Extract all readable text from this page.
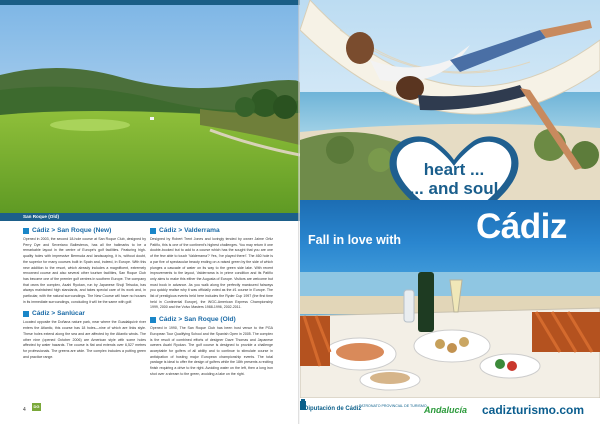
San Roque (Old)
Cádiz > San Roque (New)

Opened in 2003, the second 18-hole course at San Roque Club, designed by Perry Dye and Severiano Ballesteros, has all the hallmarks to be a remarkable layout in the centre of Europe's golf facilities. Featuring high-quality holes with impressive Bermuda and landscaping, it is, without doubt, the superior for many courses built in Spain and, indeed, in Europe. With this new addition to the resort, which already includes a magnificent, extremely renowned course and also several other tourism facilities, San Roque Club has become one of the premier golf centres in southern Europe. The company that owns the complex, Asahi Ryokan, run by Japanese Shoji Tetsuka, has always maintained high standards, and takes special care of its work and, in particular, with the natural surroundings. The New Course will have no houses in its immediate surroundings, concluding it will be the same with golf.

Cádiz > Sanlúcar

Located opposite the Doñana nature park, near where the Guadalquivir river enters the Atlantic, this course has 18 holes—nine of which are links style. These holes extend along the sea and are affected by the Atlantic winds. The other nine (opened October 2006) are American style with some holes affected by water hazards. The course is flat and extends over 6,527 metres for professionals. The greens are wide. The complex includes a putting green and practice range.

Cádiz > Valderrama

Designed by Robert Trent Jones and lovingly tended by owner Jaime Ortiz Patiño, this is one of the continent's highest challenges. You may return it one double-booked but to add to a course which has the sought that you are one of the few able to touch 'Valderrama'? Yes, I've played there!'. The 460 hole is a par five of spectacular beauty ending on a raised green by the side of which plunges a cascade of water on its way to the green side lake. With recent improvements to the layout, Valderrama is in prime condition and its Patiño only aims to make this either the Augusta of Europe. Visitors are welcome but must book in advance. As you walk along the perfectly manicured fairways you quickly realise why it was officially voted as the #1 course in Europe. The list of prestigious events held here includes the Ryder Cup 1997 (the first time held in Continental Europe), the WGC-American Express Championship 1999, 2000 and the Volvo Masters 1988-1996, 2002-2011.

Cádiz > San Roque (Old)

Opened in 1990, The San Roque Club has been host venue to the PGA European Tour Qualifying School and the Spanish Open in 2005. The complex is the result of combined efforts of designer Dave Thomas and Japanese owners Asahi Ryokan. The golf course is designed to provide a challenge acceptable for golfers of all ability and to continue to stimulate course in anticipation of hosting major European championship events. The total yardage is ideal to offer the design of golfers while the 18th presents a reciting finish requiring a drive to the right. Avoiding water on the left, then a long iron shot over a stream to the green, avoiding a lake on the right.

4
DG
heart ...
... and soul
Fall in love with Cádiz
Diputación de Cádiz
PATRONATO PROVINCIAL DE TURISMO
Andalucía cadizturismo.com
